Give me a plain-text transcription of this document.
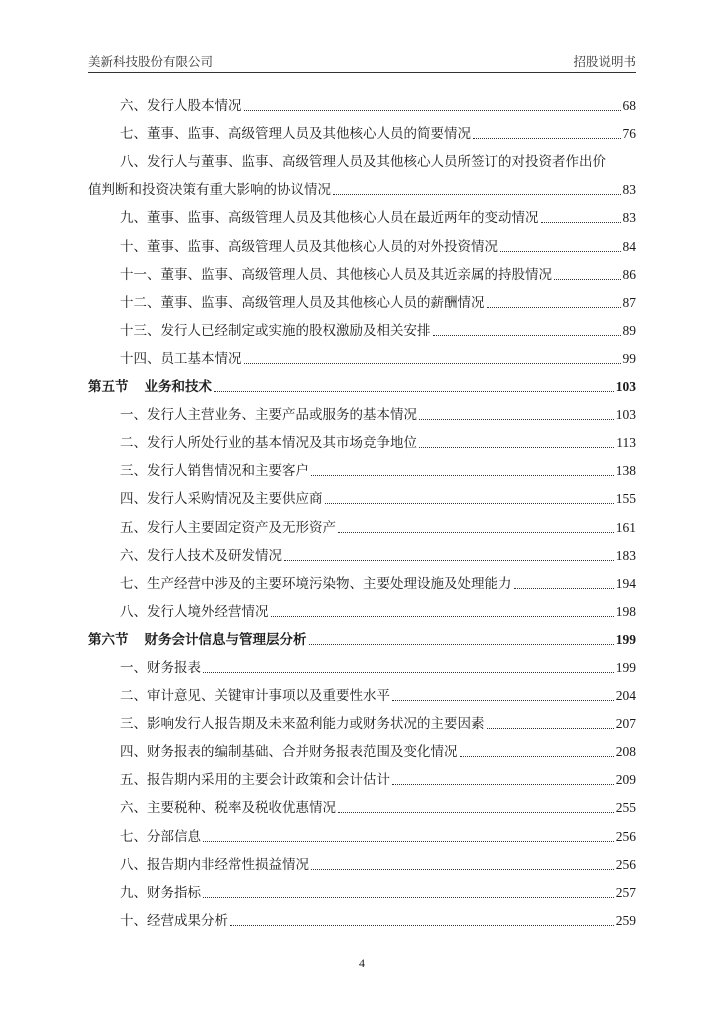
美新科技股份有限公司	招股说明书
六、发行人股本情况	68
七、董事、监事、高级管理人员及其他核心人员的简要情况	76
八、发行人与董事、监事、高级管理人员及其他核心人员所签订的对投资者作出价
值判断和投资决策有重大影响的协议情况	83
九、董事、监事、高级管理人员及其他核心人员在最近两年的变动情况	83
十、董事、监事、高级管理人员及其他核心人员的对外投资情况	84
十一、董事、监事、高级管理人员、其他核心人员及其近亲属的持股情况	86
十二、董事、监事、高级管理人员及其他核心人员的薪酬情况	87
十三、发行人已经制定或实施的股权激励及相关安排	89
十四、员工基本情况	99
第五节 业务和技术	103
一、发行人主营业务、主要产品或服务的基本情况	103
二、发行人所处行业的基本情况及其市场竞争地位	113
三、发行人销售情况和主要客户	138
四、发行人采购情况及主要供应商	155
五、发行人主要固定资产及无形资产	161
六、发行人技术及研发情况	183
七、生产经营中涉及的主要环境污染物、主要处理设施及处理能力	194
八、发行人境外经营情况	198
第六节 财务会计信息与管理层分析	199
一、财务报表	199
二、审计意见、关键审计事项以及重要性水平	204
三、影响发行人报告期及未来盈利能力或财务状况的主要因素	207
四、财务报表的编制基础、合并财务报表范围及变化情况	208
五、报告期内采用的主要会计政策和会计估计	209
六、主要税种、税率及税收优惠情况	255
七、分部信息	256
八、报告期内非经常性损益情况	256
九、财务指标	257
十、经营成果分析	259
4
